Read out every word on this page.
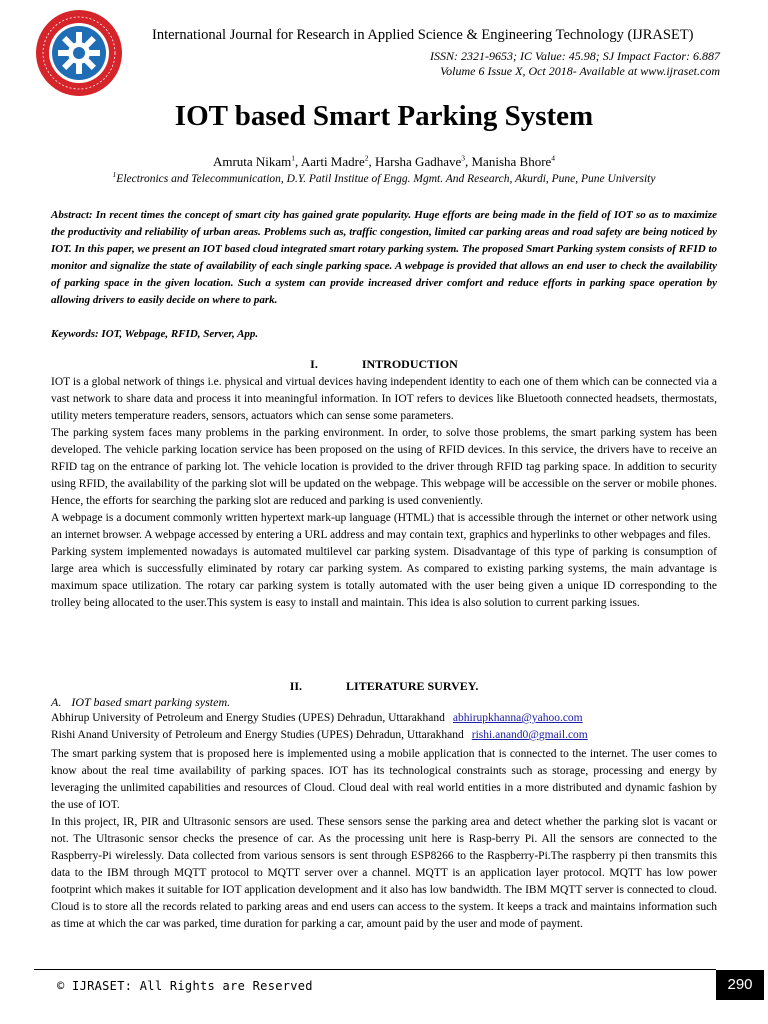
International Journal for Research in Applied Science & Engineering Technology (IJRASET)
ISSN: 2321-9653; IC Value: 45.98; SJ Impact Factor: 6.887
Volume 6 Issue X, Oct 2018- Available at www.ijraset.com
IOT based Smart Parking System
Amruta Nikam$^1$, Aarti Madre$^2$, Harsha Gadhave$^3$, Manisha Bhore$^4$
$^1$Electronics and Telecommunication, D.Y. Patil Institue of Engg. Mgmt. And Research, Akurdi, Pune, Pune University
Abstract: In recent times the concept of smart city has gained grate popularity. Huge efforts are being made in the field of IOT so as to maximize the productivity and reliability of urban areas. Problems such as, traffic congestion, limited car parking areas and road safety are being noticed by IOT. In this paper, we present an IOT based cloud integrated smart rotary parking system. The proposed Smart Parking system consists of RFID to monitor and signalize the state of availability of each single parking space. A webpage is provided that allows an end user to check the availability of parking space in the given location. Such a system can provide increased driver comfort and reduce efforts in parking space operation by allowing drivers to easily decide on where to park.
Keywords: IOT, Webpage, RFID, Server, App.
I.	INTRODUCTION

IOT is a global network of things i.e. physical and virtual devices having independent identity to each one of them which can be connected via a vast network to share data and process it into meaningful information. In IOT refers to devices like Bluetooth connected headsets, thermostats, utility meters temperature readers, sensors, actuators which can sense some parameters.

The parking system faces many problems in the parking environment. In order, to solve those problems, the smart parking system has been developed. The vehicle parking location service has been proposed on the using of RFID devices. In this service, the drivers have to receive an RFID tag on the entrance of parking lot. The vehicle location is provided to the driver through RFID tag parking space. In addition to security using RFID, the availability of the parking slot will be updated on the webpage. This webpage will be accessible on the server or mobile phones. Hence, the efforts for searching the parking slot are reduced and parking is used conveniently.

A webpage is a document commonly written hypertext mark-up language (HTML) that is accessible through the internet or other network using an internet browser. A webpage accessed by entering a URL address and may contain text, graphics and hyperlinks to other webpages and files.

Parking system implemented nowadays is automated multilevel car parking system. Disadvantage of this type of parking is consumption of large area which is successfully eliminated by rotary car parking system. As compared to existing parking systems, the main advantage is maximum space utilization. The rotary car parking system is totally automated with the user being given a unique ID corresponding to the trolley being allocated to the user.This system is easy to install and maintain. This idea is also solution to current parking issues.

II.	LITERATURE SURVEY.
A. IOT based smart parking system.
Abhirup University of Petroleum and Energy Studies (UPES) Dehradun, Uttarakhand abhirupkhanna@yahoo.com
Rishi Anand University of Petroleum and Energy Studies (UPES) Dehradun, Uttarakhand rishi.anand0@gmail.com

The smart parking system that is proposed here is implemented using a mobile application that is connected to the internet. The user comes to know about the real time availability of parking spaces. IOT has its technological constraints such as storage, processing and energy by leveraging the unlimited capabilities and resources of Cloud. Cloud deal with real world entities in a more distributed and dynamic fashion by the use of IOT.

In this project, IR, PIR and Ultrasonic sensors are used. These sensors sense the parking area and detect whether the parking slot is vacant or not. The Ultrasonic sensor checks the presence of car. As the processing unit here is Rasp-berry Pi. All the sensors are connected to the Raspberry-Pi wirelessly. Data collected from various sensors is sent through ESP8266 to the Raspberry-Pi.The raspberry pi then transmits this data to the IBM through MQTT protocol to MQTT server over a channel. MQTT is an application layer protocol. MQTT has low power footprint which makes it suitable for IOT application development and it also has low bandwidth. The IBM MQTT server is connected to cloud. Cloud is to store all the records related to parking areas and end users can access to the system. It keeps a track and maintains information such as time at which the car was parked, time duration for parking a car, amount paid by the user and mode of payment.

© IJRASET: All Rights are Reserved	290
